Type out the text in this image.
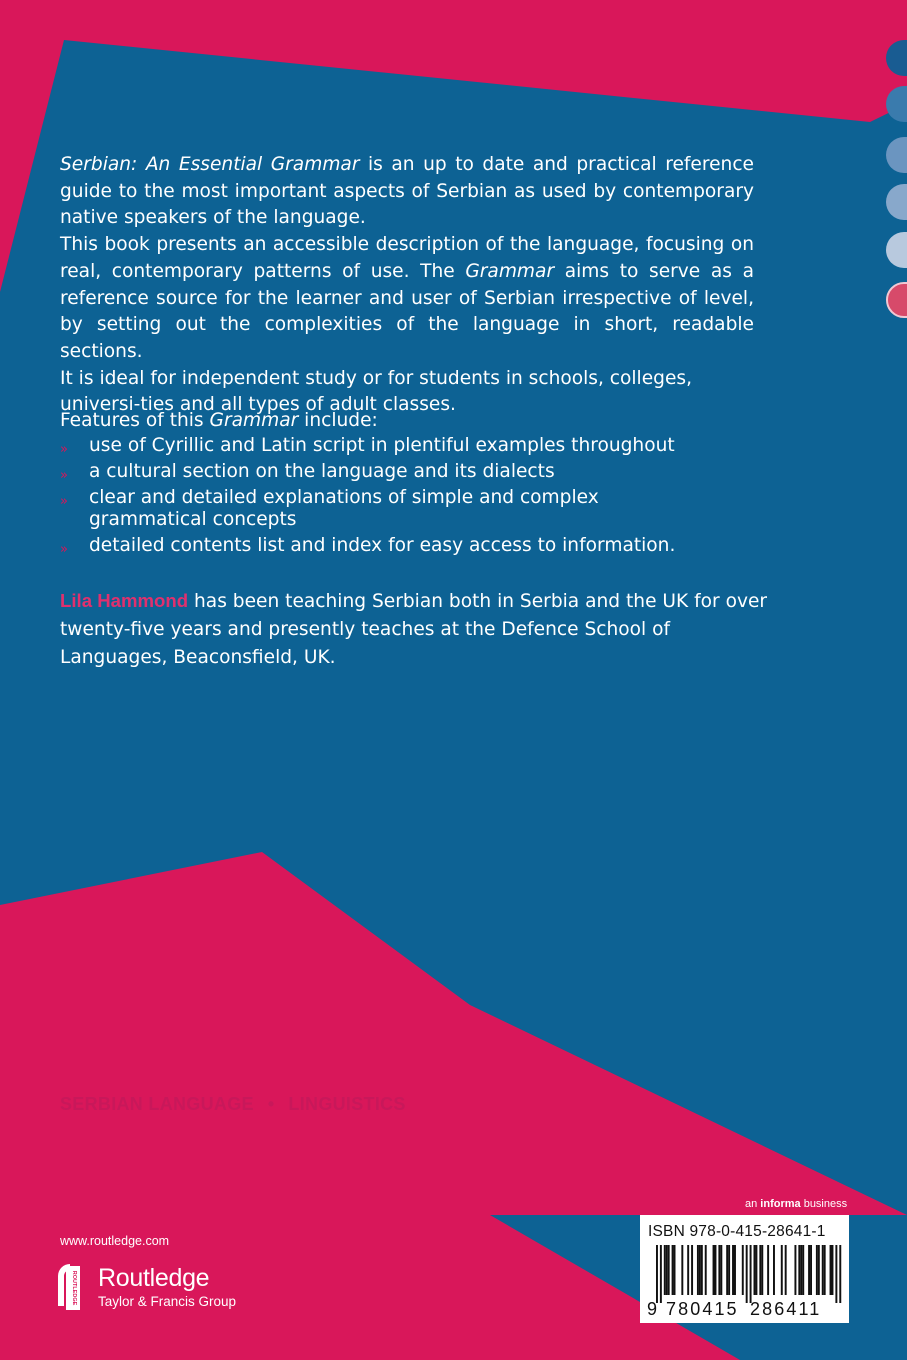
Serbian: An Essential Grammar is an up to date and practical reference guide to the most important aspects of Serbian as used by contemporary native speakers of the language.

This book presents an accessible description of the language, focusing on real, contemporary patterns of use. The Grammar aims to serve as a reference source for the learner and user of Serbian irrespective of level, by setting out the complexities of the language in short, readable sections.

It is ideal for independent study or for students in schools, colleges, universi-ties and all types of adult classes.

Features of this Grammar include:
» use of Cyrillic and Latin script in plentiful examples throughout
» a cultural section on the language and its dialects
» clear and detailed explanations of simple and complex grammatical concepts
» detailed contents list and index for easy access to information.
Lila Hammond has been teaching Serbian both in Serbia and the UK for over twenty-five years and presently teaches at the Defence School of Languages, Beaconsfield, UK.
SERBIAN LANGUAGE • LINGUISTICS
www.routledge.com
ROUTLEDGE Routledge
Taylor & Francis Group
an informa business
ISBN 978-0-415-28641-1
9 780415 286411
